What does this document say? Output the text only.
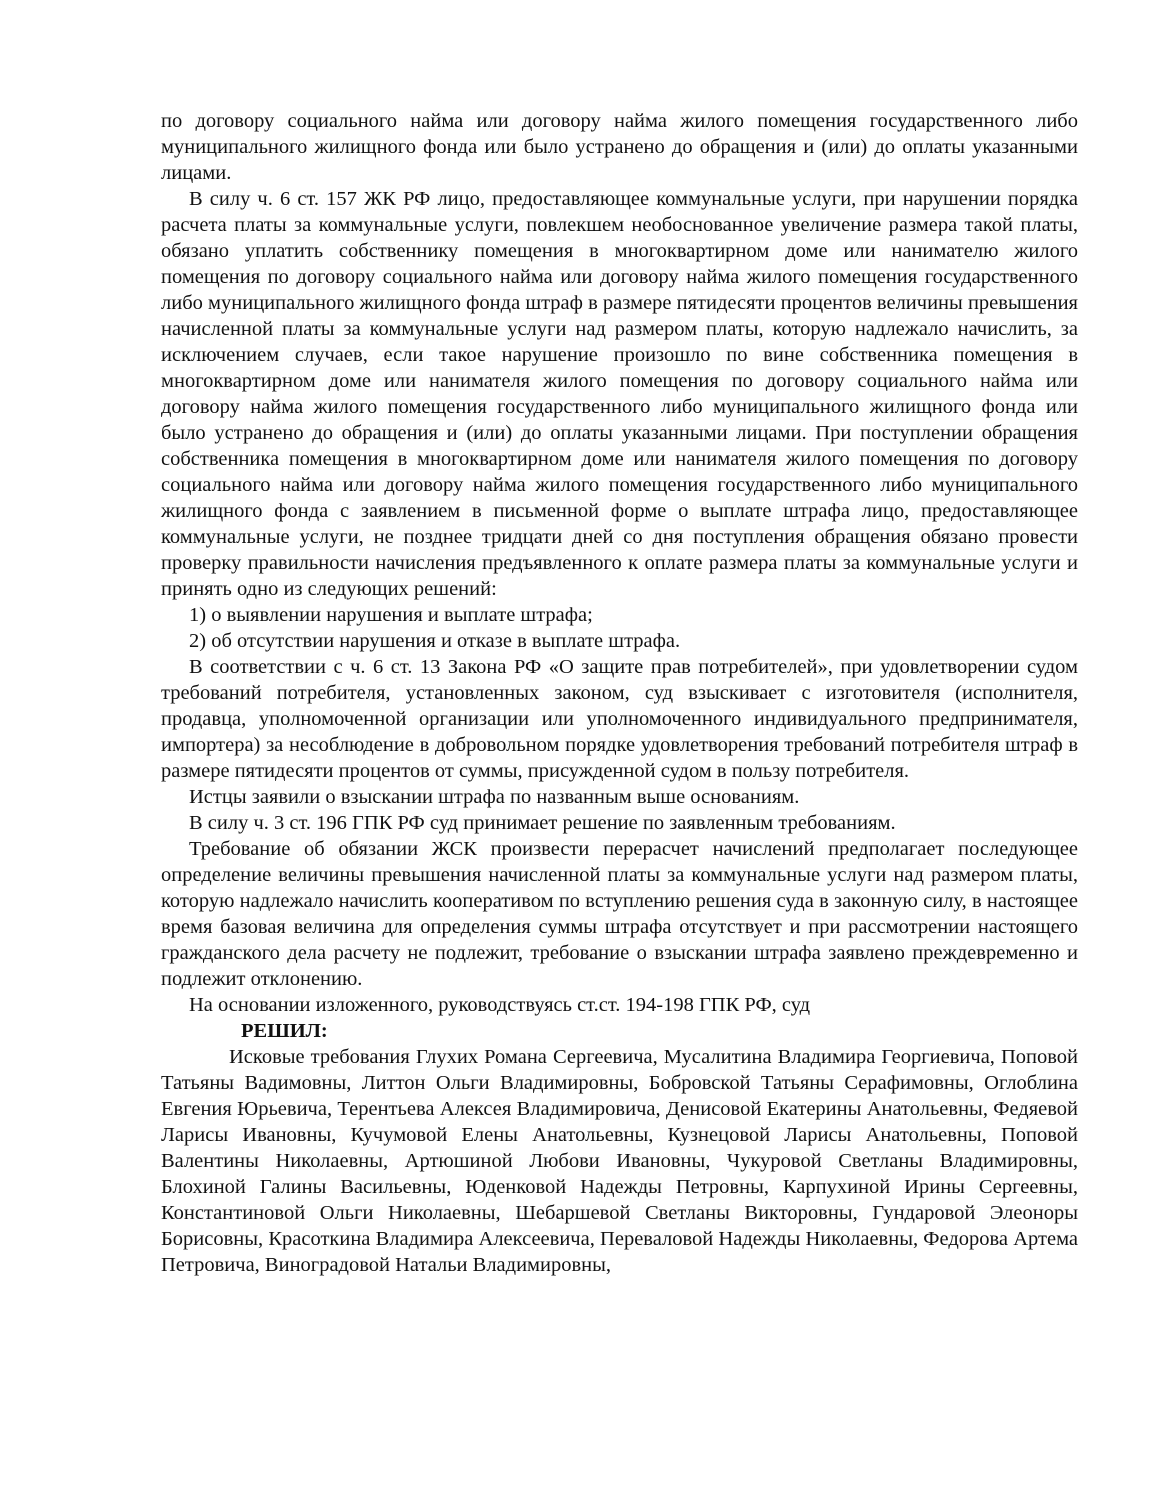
по договору социального найма или договору найма жилого помещения государственного либо муниципального жилищного фонда или было устранено до обращения и (или) до оплаты указанными лицами.

В силу ч. 6 ст. 157 ЖК РФ лицо, предоставляющее коммунальные услуги, при нарушении порядка расчета платы за коммунальные услуги, повлекшем необоснованное увеличение размера такой платы, обязано уплатить собственнику помещения в многоквартирном доме или нанимателю жилого помещения по договору социального найма или договору найма жилого помещения государственного либо муниципального жилищного фонда штраф в размере пятидесяти процентов величины превышения начисленной платы за коммунальные услуги над размером платы, которую надлежало начислить, за исключением случаев, если такое нарушение произошло по вине собственника помещения в многоквартирном доме или нанимателя жилого помещения по договору социального найма или договору найма жилого помещения государственного либо муниципального жилищного фонда или было устранено до обращения и (или) до оплаты указанными лицами. При поступлении обращения собственника помещения в многоквартирном доме или нанимателя жилого помещения по договору социального найма или договору найма жилого помещения государственного либо муниципального жилищного фонда с заявлением в письменной форме о выплате штрафа лицо, предоставляющее коммунальные услуги, не позднее тридцати дней со дня поступления обращения обязано провести проверку правильности начисления предъявленного к оплате размера платы за коммунальные услуги и принять одно из следующих решений:

1) о выявлении нарушения и выплате штрафа;

2) об отсутствии нарушения и отказе в выплате штрафа.

В соответствии с ч. 6 ст. 13 Закона РФ «О защите прав потребителей», при удовлетворении судом требований потребителя, установленных законом, суд взыскивает с изготовителя (исполнителя, продавца, уполномоченной организации или уполномоченного индивидуального предпринимателя, импортера) за несоблюдение в добровольном порядке удовлетворения требований потребителя штраф в размере пятидесяти процентов от суммы, присужденной судом в пользу потребителя.

Истцы заявили о взыскании штрафа по названным выше основаниям.

В силу ч. 3 ст. 196 ГПК РФ суд принимает решение по заявленным требованиям.

Требование об обязании ЖСК произвести перерасчет начислений предполагает последующее определение величины превышения начисленной платы за коммунальные услуги над размером платы, которую надлежало начислить кооперативом по вступлению решения суда в законную силу, в настоящее время базовая величина для определения суммы штрафа отсутствует и при рассмотрении настоящего гражданского дела расчету не подлежит, требование о взыскании штрафа заявлено преждевременно и подлежит отклонению.

На основании изложенного, руководствуясь ст.ст. 194-198 ГПК РФ, суд

РЕШИЛ:

Исковые требования Глухих Романа Сергеевича, Мусалитина Владимира Георгиевича, Поповой Татьяны Вадимовны, Литтон Ольги Владимировны, Бобровской Татьяны Серафимовны, Оглоблина Евгения Юрьевича, Терентьева Алексея Владимировича, Денисовой Екатерины Анатольевны, Федяевой Ларисы Ивановны, Кучумовой Елены Анатольевны, Кузнецовой Ларисы Анатольевны, Поповой Валентины Николаевны, Артюшиной Любови Ивановны, Чукуровой Светланы Владимировны, Блохиной Галины Васильевны, Юденковой Надежды Петровны, Карпухиной Ирины Сергеевны, Константиновой Ольги Николаевны, Шебаршевой Светланы Викторовны, Гундаровой Элеоноры Борисовны, Красоткина Владимира Алексеевича, Переваловой Надежды Николаевны, Федорова Артема Петровича, Виноградовой Натальи Владимировны,
